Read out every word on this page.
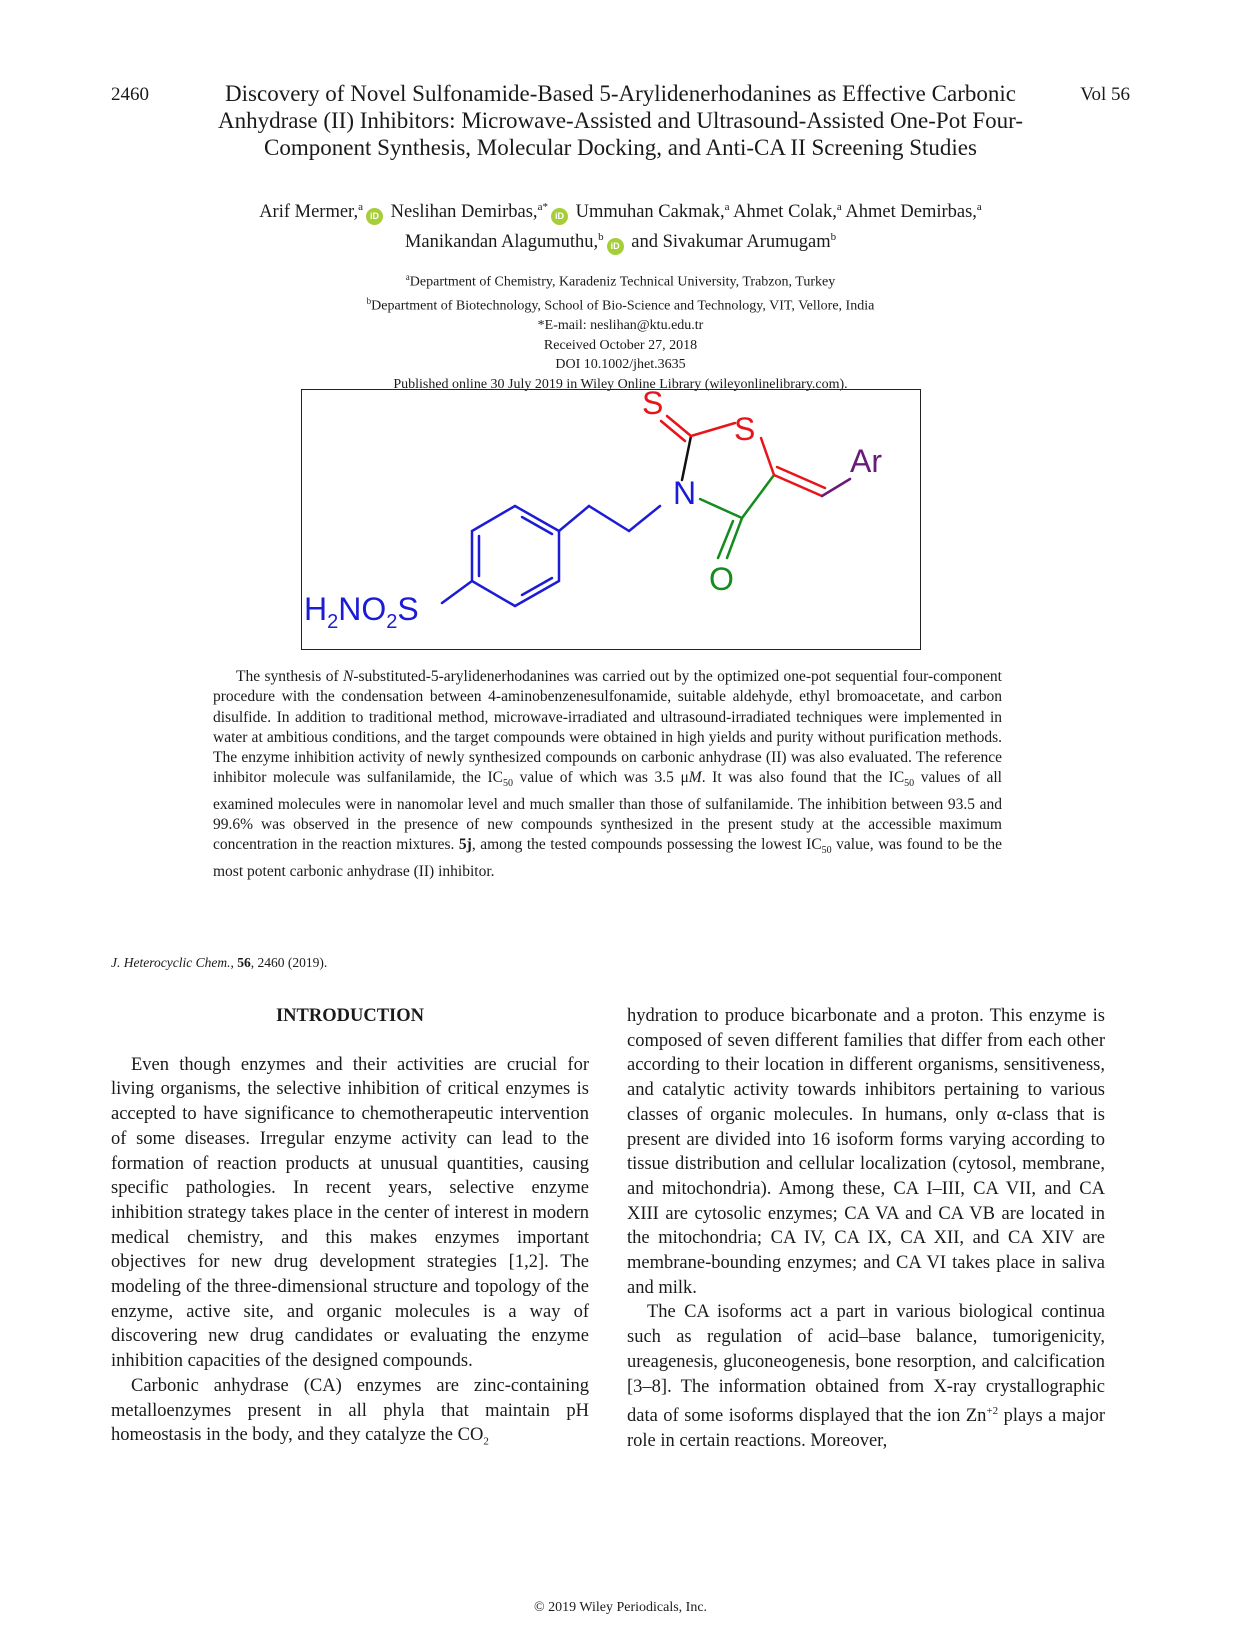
2460	Vol 56
Discovery of Novel Sulfonamide-Based 5-Arylidenerhodanines as Effective Carbonic Anhydrase (II) Inhibitors: Microwave-Assisted and Ultrasound-Assisted One-Pot Four-Component Synthesis, Molecular Docking, and Anti-CA II Screening Studies
Arif Mermer,$^a$iD Neslihan Demirbas,$^{a*}$iD Ummuhan Cakmak,$^a$ Ahmet Colak,$^a$ Ahmet Demirbas,$^a$
Manikandan Alagumuthu,$^b$iD and Sivakumar Arumugam$^b$
$^a$Department of Chemistry, Karadeniz Technical University, Trabzon, Turkey
$^b$Department of Biotechnology, School of Bio-Science and Technology, VIT, Vellore, India
*E-mail: neslihan@ktu.edu.tr
Received October 27, 2018
DOI 10.1002/jhet.3635
Published online 30 July 2019 in Wiley Online Library (wileyonlinelibrary.com).
S
S
N
O
Ar
$H_2NO_2S$
The synthesis of N-substituted-5-arylidenerhodanines was carried out by the optimized one-pot sequential four-component procedure with the condensation between 4-aminobenzenesulfonamide, suitable aldehyde, ethyl bromoacetate, and carbon disulfide. In addition to traditional method, microwave-irradiated and ultrasound-irradiated techniques were implemented in water at ambitious conditions, and the target compounds were obtained in high yields and purity without purification methods. The enzyme inhibition activity of newly synthesized compounds on carbonic anhydrase (II) was also evaluated. The reference inhibitor molecule was sulfanilamide, the $IC_{50}$ value of which was 3.5 μM. It was also found that the $IC_{50}$ values of all examined molecules were in nanomolar level and much smaller than those of sulfanilamide. The inhibition between 93.5 and 99.6% was observed in the presence of new compounds synthesized in the present study at the accessible maximum concentration in the reaction mixtures. 5j, among the tested compounds possessing the lowest $IC_{50}$ value, was found to be the most potent carbonic anhydrase (II) inhibitor.
J. Heterocyclic Chem., 56, 2460 (2019).

INTRODUCTION

Even though enzymes and their activities are crucial for living organisms, the selective inhibition of critical enzymes is accepted to have significance to chemotherapeutic intervention of some diseases. Irregular enzyme activity can lead to the formation of reaction products at unusual quantities, causing specific pathologies. In recent years, selective enzyme inhibition strategy takes place in the center of interest in modern medical chemistry, and this makes enzymes important objectives for new drug development strategies [1,2]. The modeling of the three-dimensional structure and topology of the enzyme, active site, and organic molecules is a way of discovering new drug candidates or evaluating the enzyme inhibition capacities of the designed compounds.

Carbonic anhydrase (CA) enzymes are zinc-containing metalloenzymes present in all phyla that maintain pH homeostasis in the body, and they catalyze the $CO_2$

hydration to produce bicarbonate and a proton. This enzyme is composed of seven different families that differ from each other according to their location in different organisms, sensitiveness, and catalytic activity towards inhibitors pertaining to various classes of organic molecules. In humans, only α-class that is present are divided into 16 isoform forms varying according to tissue distribution and cellular localization (cytosol, membrane, and mitochondria). Among these, CA I–III, CA VII, and CA XIII are cytosolic enzymes; CA VA and CA VB are located in the mitochondria; CA IV, CA IX, CA XII, and CA XIV are membrane-bounding enzymes; and CA VI takes place in saliva and milk.

The CA isoforms act a part in various biological continua such as regulation of acid–base balance, tumorigenicity, ureagenesis, gluconeogenesis, bone resorption, and calcification [3–8]. The information obtained from X-ray crystallographic data of some isoforms displayed that the ion $Zn^{+2}$ plays a major role in certain reactions. Moreover,

© 2019 Wiley Periodicals, Inc.
